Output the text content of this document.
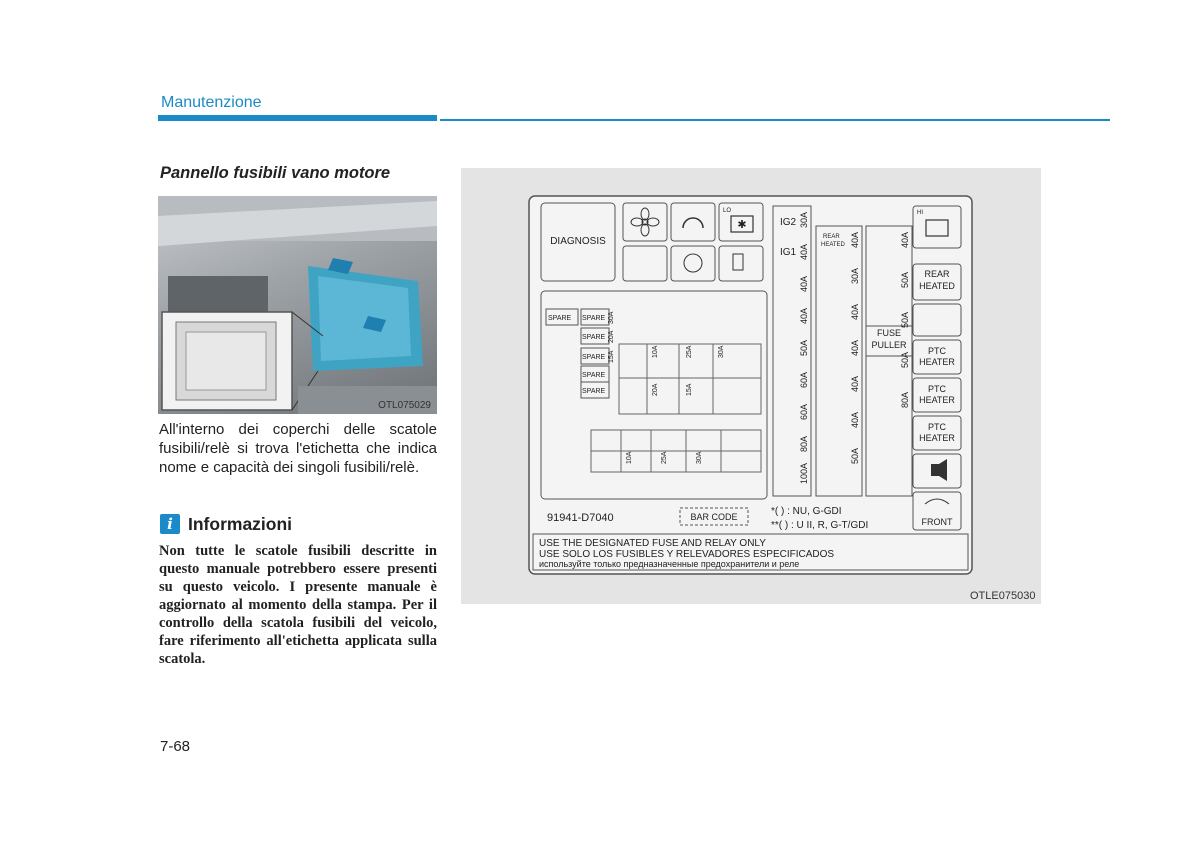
Manutenzione
Pannello fusibili vano motore
OTL075029
All'interno dei coperchi delle scatole fusibili/relè si trova l'etichetta che indica nome e capacità dei singoli fusibili/relè.
i Informazioni
Non tutte le scatole fusibili descritte in questo manuale potrebbero essere presenti su questo veicolo. I presente manuale è aggiornato al momento della stampa. Per il controllo della scatola fusibili del veicolo, fare riferimento all'etichetta applicata sulla scatola.
7-68
DIAGNOSIS
LO
✱
SPARE SPARE
SPARE
SPARE
SPARE
SPARE
IG2
IG1
REAR
HEATED
FUSE
PULLER
HI
REAR
HEATED
PTC
HEATER
PTC
HEATER
PTC
HEATER
FRONT
91941-D7040	BAR CODE	*( ) : NU, G-GDI
**( ) : U II, R, G-T/GDI
USE THE DESIGNATED FUSE AND RELAY ONLY
USE SOLO LOS FUSIBLES Y RELEVADORES ESPECIFICADOS
используйте только предназначенные предохранители и реле
30A
40A
40A
40A
50A
60A
60A
80A
100A
40A
30A
40A
40A
40A
40A
50A
40A
50A
50A
50A
80A
30A
20A
15A	10A	25A	30A
20A	15A
10A	25A	30A
OTLE075030
